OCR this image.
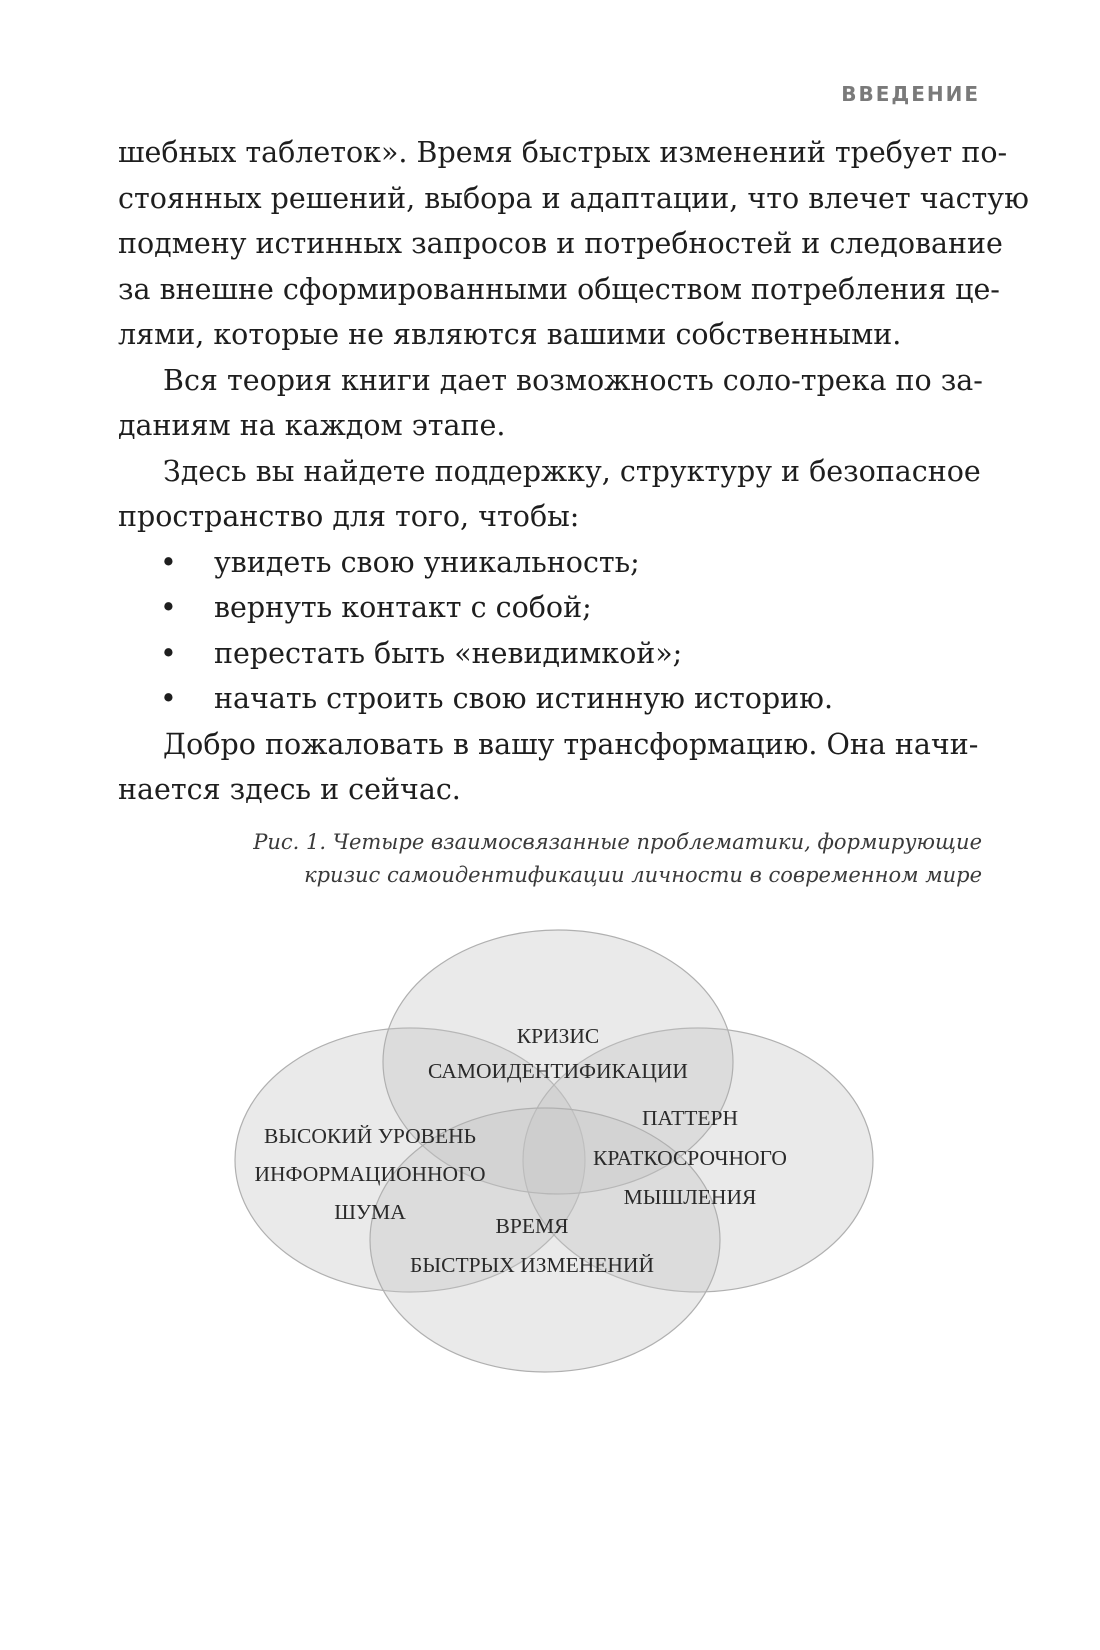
ВВЕДЕНИЕ
шебных таблеток». Время быстрых изменений требует по-
стоянных решений, выбора и адаптации, что влечет частую
подмену истинных запросов и потребностей и следование
за внешне сформированными обществом потребления це-
лями, которые не являются вашими собственными.
Вся теория книги дает возможность соло-трека по за-
даниям на каждом этапе.
Здесь вы найдете поддержку, структуру и безопасное
пространство для того, чтобы:
• увидеть свою уникальность;
• вернуть контакт с собой;
• перестать быть «невидимкой»;
• начать строить свою истинную историю.
Добро пожаловать в вашу трансформацию. Она начи-
нается здесь и сейчас.
Рис. 1. Четыре взаимосвязанные проблематики, формирующие
кризис самоидентификации личности в современном мире
КРИЗИС
САМОИДЕНТИФИКАЦИИ
ВЫСОКИЙ УРОВЕНЬ
ИНФОРМАЦИОННОГО
ШУМА
ПАТТЕРН
КРАТКОСРОЧНОГО
МЫШЛЕНИЯ
ВРЕМЯ
БЫСТРЫХ ИЗМЕНЕНИЙ
